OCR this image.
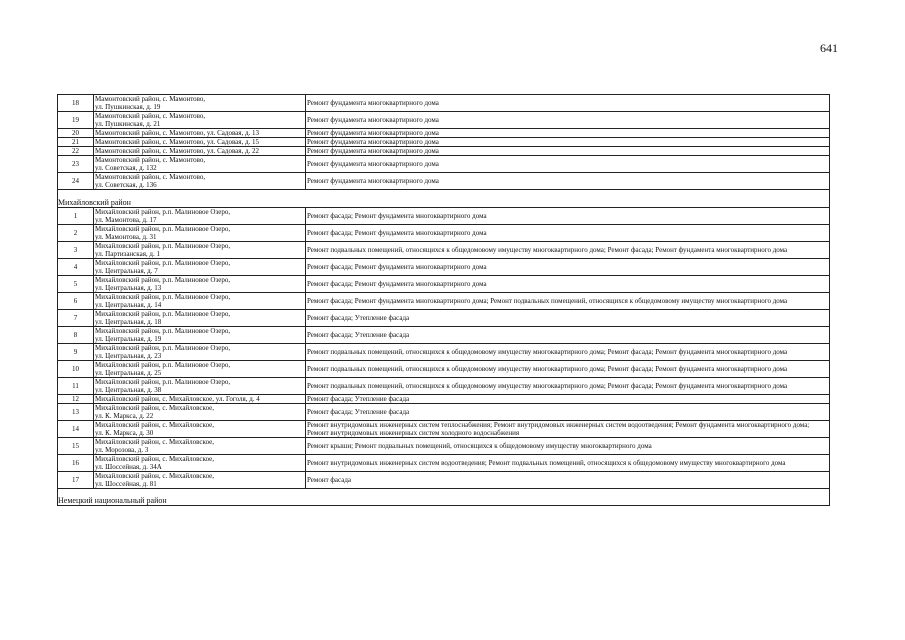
641
18	Мамонтовский район, с. Мамонтово,
ул. Пушкинская, д. 19	Ремонт фундамента многоквартирного дома
19	Мамонтовский район, с. Мамонтово,
ул. Пушкинская, д. 21	Ремонт фундамента многоквартирного дома
20	Мамонтовский район, с. Мамонтово, ул. Садовая, д. 13	Ремонт фундамента многоквартирного дома
21	Мамонтовский район, с. Мамонтово, ул. Садовая, д. 15	Ремонт фундамента многоквартирного дома
22	Мамонтовский район, с. Мамонтово, ул. Садовая, д. 22	Ремонт фундамента многоквартирного дома
23	Мамонтовский район, с. Мамонтово,
ул. Советская, д. 132	Ремонт фундамента многоквартирного дома
24	Мамонтовский район, с. Мамонтово,
ул. Советская, д. 136	Ремонт фундамента многоквартирного дома

Михайловский район		
1	Михайловский район, р.п. Малиновое Озеро,
ул. Мамонтова, д. 17	Ремонт фасада; Ремонт фундамента многоквартирного дома
2	Михайловский район, р.п. Малиновое Озеро,
ул. Мамонтова, д. 31	Ремонт фасада; Ремонт фундамента многоквартирного дома
3	Михайловский район, р.п. Малиновое Озеро,
ул. Партизанская, д. 1	Ремонт подвальных помещений, относящихся к общедомовому имуществу многоквартирного дома; Ремонт фасада; Ремонт фундамента многоквартирного дома
4	Михайловский район, р.п. Малиновое Озеро,
ул. Центральная, д. 7	Ремонт фасада; Ремонт фундамента многоквартирного дома
5	Михайловский район, р.п. Малиновое Озеро,
ул. Центральная, д. 13	Ремонт фасада; Ремонт фундамента многоквартирного дома
6	Михайловский район, р.п. Малиновое Озеро,
ул. Центральная, д. 14	Ремонт фасада; Ремонт фундамента многоквартирного дома; Ремонт подвальных помещений, относящихся к общедомовому имуществу многоквартирного дома
7	Михайловский район, р.п. Малиновое Озеро,
ул. Центральная, д. 18	Ремонт фасада; Утепление фасада
8	Михайловский район, р.п. Малиновое Озеро,
ул. Центральная, д. 19	Ремонт фасада; Утепление фасада
9	Михайловский район, р.п. Малиновое Озеро,
ул. Центральная, д. 23	Ремонт подвальных помещений, относящихся к общедомовому имуществу многоквартирного дома; Ремонт фасада; Ремонт фундамента многоквартирного дома
10	Михайловский район, р.п. Малиновое Озеро,
ул. Центральная, д. 25	Ремонт подвальных помещений, относящихся к общедомовому имуществу многоквартирного дома; Ремонт фасада; Ремонт фундамента многоквартирного дома
11	Михайловский район, р.п. Малиновое Озеро,
ул. Центральная, д. 38	Ремонт подвальных помещений, относящихся к общедомовому имуществу многоквартирного дома; Ремонт фасада; Ремонт фундамента многоквартирного дома
12	Михайловский район, с. Михайловское, ул. Гоголя, д. 4	Ремонт фасада; Утепление фасада
13	Михайловский район, с. Михайловское,
ул. К. Маркса, д. 22	Ремонт фасада; Утепление фасада
14	Михайловский район, с. Михайловское,
ул. К. Маркса, д. 30	Ремонт внутридомовых инженерных систем теплоснабжения; Ремонт внутридомовых инженерных систем водоотведения; Ремонт фундамента многоквартирного дома; Ремонт внутридомовых инженерных систем холодного водоснабжения
15	Михайловский район, с. Михайловское,
ул. Морозова, д. 3	Ремонт крыши; Ремонт подвальных помещений, относящихся к общедомовому имуществу многоквартирного дома
16	Михайловский район, с. Михайловское,
ул. Шоссейная, д. 34А	Ремонт внутридомовых инженерных систем водоотведения; Ремонт подвальных помещений, относящихся к общедомовому имуществу многоквартирного дома
17	Михайловский район, с. Михайловское,
ул. Шоссейная, д. 81	Ремонт фасада

Немецкий национальный район		
